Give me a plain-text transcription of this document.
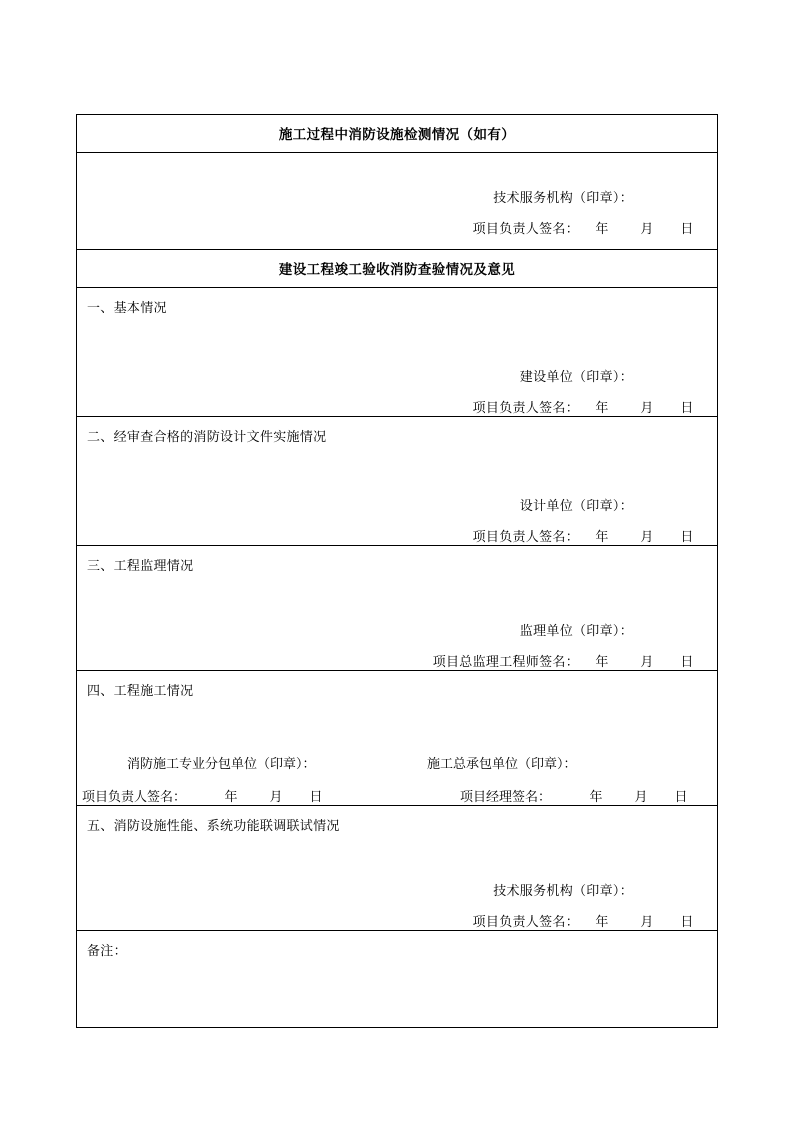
施工过程中消防设施检测情况（如有）

技术服务机构（印章）：
项目负责人签名：	年	月	日

建设工程竣工验收消防查验情况及意见

一、基本情况
建设单位（印章）：
项目负责人签名：	年	月	日

二、经审查合格的消防设计文件实施情况
设计单位（印章）：
项目负责人签名：	年	月	日

三、工程监理情况
监理单位（印章）：
项目总监理工程师签名：	年	月	日

四、工程施工情况
消防施工专业分包单位（印章）：	施工总承包单位（印章）：
项目负责人签名：	年	月	日	项目经理签名：	年	月	日

五、消防设施性能、系统功能联调联试情况
技术服务机构（印章）：
项目负责人签名：	年	月	日

备注：
